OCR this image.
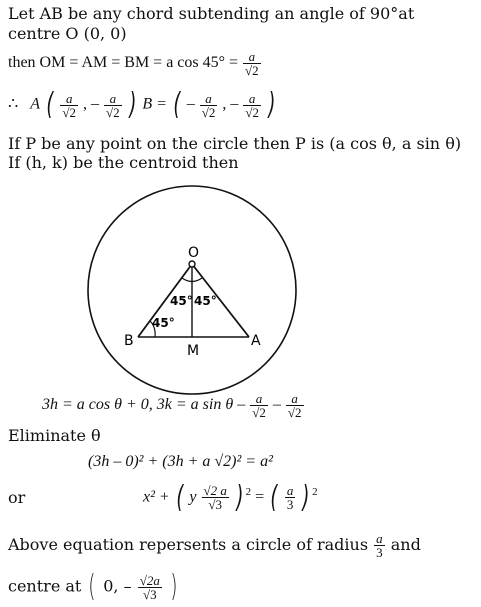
Let AB be any chord subtending an angle of 90°at
centre O (0, 0)
then OM = AM = BM = a $\cos 45^\circ = \frac{a}{√2}$
∴ A ( $\frac{a}{√2}$ , – $\frac{a}{√2}$ ) B = ( – $\frac{a}{√2}$ , – $\frac{a}{√2}$ )
If P be any point on the circle then P is (a cos θ, a sin θ)
If (h, k) be the centroid then
O
45° 45°
45°
B
M
A
3h = a cos θ + 0, 3k = a sin θ – $\frac{a}{√2} - \frac{a}{√2}$
Eliminate θ
(3h – 0)² + (3h + a √2)² = a²
or	x² + ( y $\frac{√2 a}{√3}$ ) $^2$ = ( $\frac{a}{3}$ ) $^2$
Above equation repersents a circle of radius $\frac{a}{3}$ and
centre at ( 0, – $\frac{√2a}{√3}$ )
